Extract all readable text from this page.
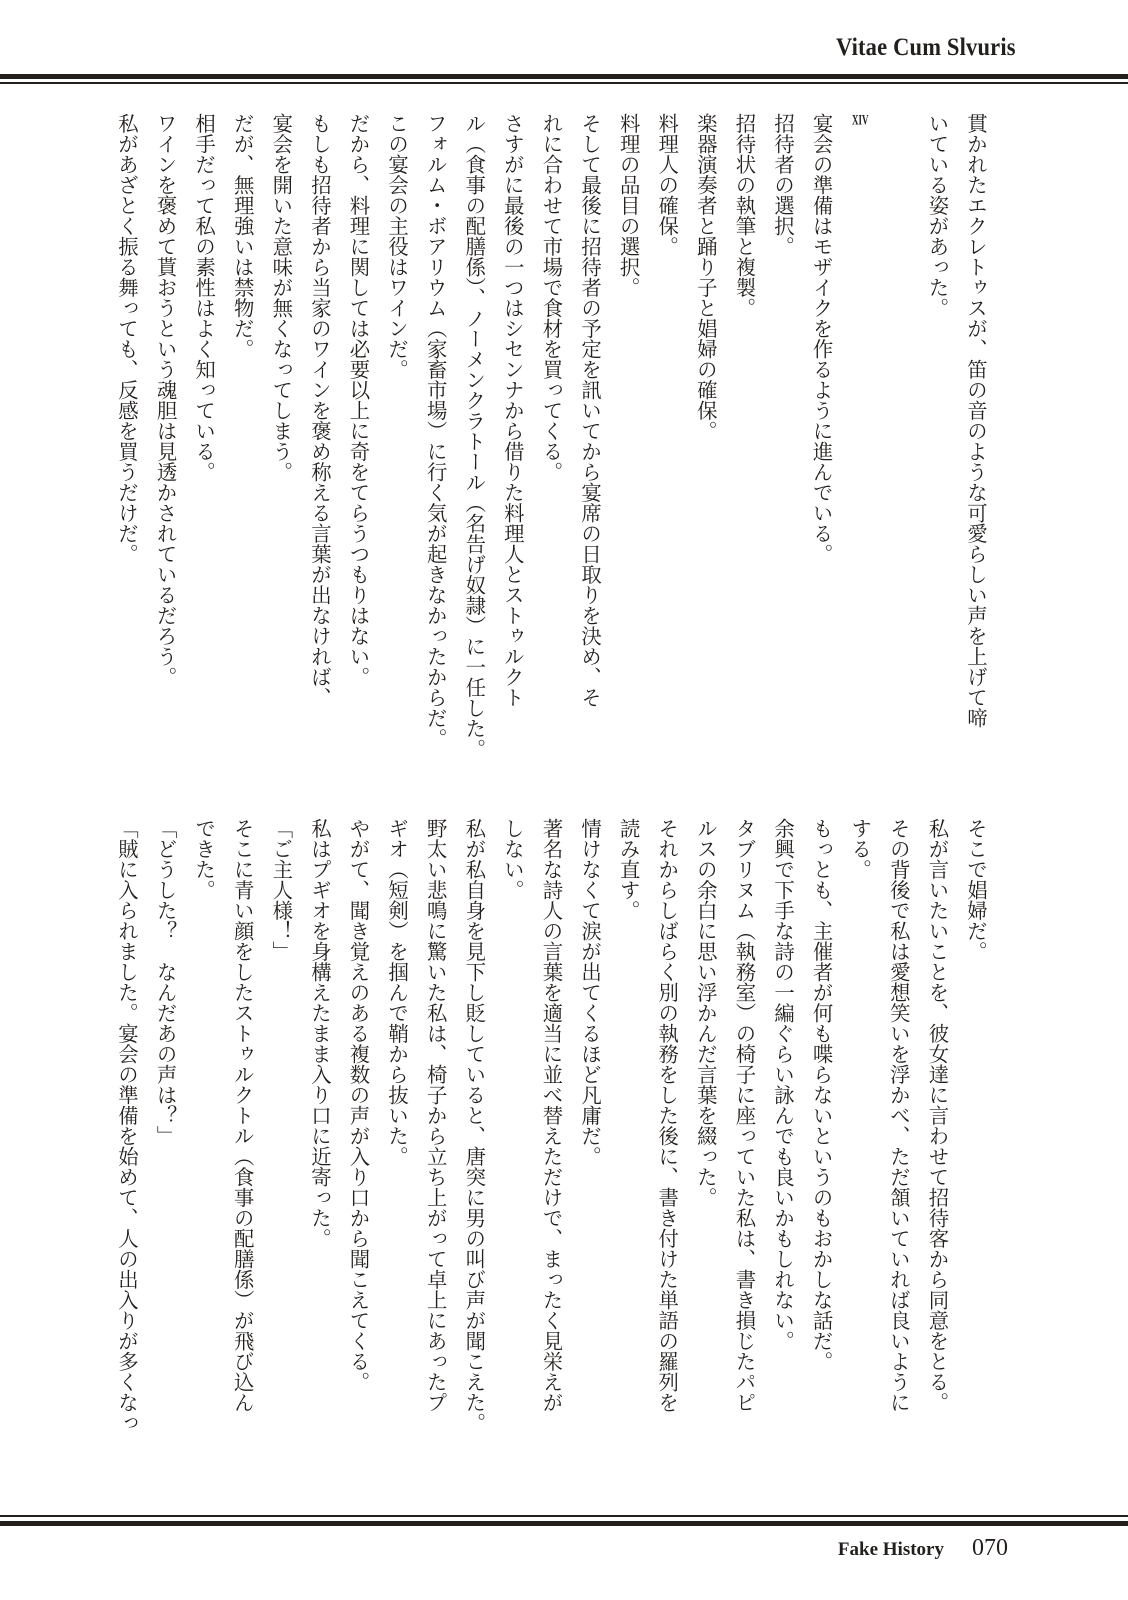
Vitae Cum Slvuris
貫かれたエクレトゥスが、笛の音のような可愛らしい声を上げて啼
いている姿があった。
XIV
宴会の準備はモザイクを作るように進んでいる。
招待者の選択。
招待状の執筆と複製。
楽器演奏者と踊り子と娼婦の確保。
料理人の確保。
料理の品目の選択。
そして最後に招待者の予定を訊いてから宴席の日取りを決め、そ
れに合わせて市場で食材を買ってくる。
さすがに最後の一つはシセンナから借りた料理人とストゥルクト
ル（食事の配膳係）、ノーメンクラトール（名告げ奴隷）に一任した。
フォルム・ボアリウム（家畜市場）に行く気が起きなかったからだ。
この宴会の主役はワインだ。
だから、料理に関しては必要以上に奇をてらうつもりはない。
もしも招待者から当家のワインを褒め称える言葉が出なければ、
宴会を開いた意味が無くなってしまう。
だが、無理強いは禁物だ。
相手だって私の素性はよく知っている。
ワインを褒めて貰おうという魂胆は見透かされているだろう。
私があざとく振る舞っても、反感を買うだけだ。
そこで娼婦だ。
私が言いたいことを、彼女達に言わせて招待客から同意をとる。
その背後で私は愛想笑いを浮かべ、ただ頷いていれば良いように
する。
もっとも、主催者が何も喋らないというのもおかしな話だ。
余興で下手な詩の一編ぐらい詠んでも良いかもしれない。
タブリヌム（執務室）の椅子に座っていた私は、書き損じたパピ
ルスの余白に思い浮かんだ言葉を綴った。
それからしばらく別の執務をした後に、書き付けた単語の羅列を
読み直す。
情けなくて涙が出てくるほど凡庸だ。
著名な詩人の言葉を適当に並べ替えただけで、まったく見栄えが
しない。
私が私自身を見下し貶していると、唐突に男の叫び声が聞こえた。
野太い悲鳴に驚いた私は、椅子から立ち上がって卓上にあったプ
ギオ（短剣）を掴んで鞘から抜いた。
やがて、聞き覚えのある複数の声が入り口から聞こえてくる。
私はプギオを身構えたまま入り口に近寄った。
「ご主人様！」
そこに青い顔をしたストゥルクトル（食事の配膳係）が飛び込ん
できた。
「どうした？　なんだあの声は？」
「賊に入られました。宴会の準備を始めて、人の出入りが多くなっ
Fake History 070
